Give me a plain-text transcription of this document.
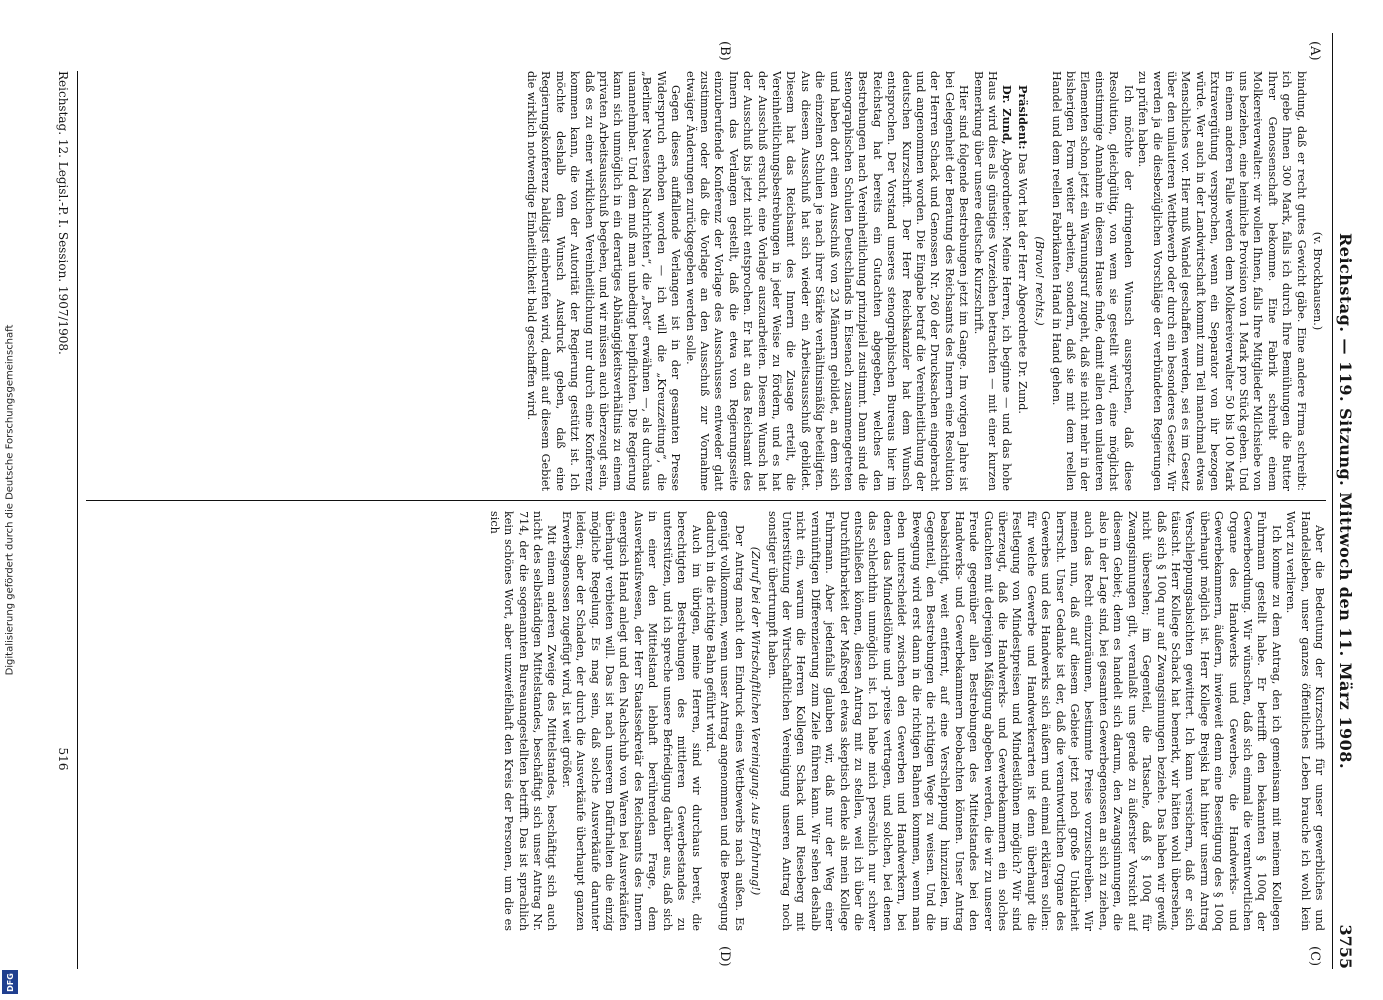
Digitalisierung gefördert durch die Deutsche Forschungsgemeinschaft
DFG
Reichstag. — 119. Sitzung. Mittwoch den 11. März 1908.
3755
(A)
(B)
(C)
(D)

(v. Brockhausen.)

bindung, daß er recht gutes Gewicht gäbe. Eine andere Firma schreibt: ich gebe Ihnen 300 Mark, falls ich durch Ihre Bemühungen die Butter Ihrer Genossenschaft bekomme. Eine Fabrik schreibt einem Molkereiverwalter: wir wollen Ihnen, falls Ihre Mitglieder Milchsiebe von uns beziehen, eine heimliche Provision von 1 Mark pro Stück geben. Und in einem anderen Falle werden dem Molkereiverwalter 50 bis 100 Mark Extravergütung versprochen, wenn ein Separator von ihr bezogen würde. Wer auch in der Landwirtschaft kommt zum Teil manchmal etwas Menschliches vor. Hier muß Wandel geschaffen werden, sei es im Gesetz über den unlauteren Wettbewerb oder durch ein besonderes Gesetz. Wir werden ja die diesbezüglichen Vorschläge der verbündeten Regierungen zu prüfen haben.

Ich möchte der dringenden Wunsch aussprechen, daß diese Resolution, gleichgültig, von wem sie gestellt wird, eine möglichst einstimmige Annahme in diesem Hause finde, damit allen den unlauteren Elementen schon jetzt ein Warnungsruf zugeht, daß sie nicht mehr in der bisherigen Form weiter arbeiten, sondern, daß sie mit dem reellen Handel und dem reellen Fabrikanten Hand in Hand gehen.

(Bravo! rechts.)

Präsident: Das Wort hat der Herr Abgeordnete Dr. Zund.

Dr. Zund, Abgeordneter: Meine Herren, ich beginne — und das hohe Haus wird dies als günstiges Vorzeichen betrachten — mit einer kurzen Bemerkung über unsere deutsche Kurzschrift.

Hier sind folgende Bestrebungen jetzt im Gange. Im vorigen Jahre ist bei Gelegenheit der Beratung des Reichsamts des Innern eine Resolution der Herren Schack und Genossen Nr. 260 der Drucksachen eingebracht und angenommen worden. Die Eingabe betraf die Vereinheitlichung der deutschen Kurzschrift. Der Herr Reichskanzler hat dem Wunsch entsprochen. Der Vorstand unseres stenographischen Bureaus hier im Reichstag hat bereits ein Gutachten abgegeben, welches den Bestrebungen nach Vereinheitlichung prinzipiell zustimmt. Dann sind die stenographischen Schulen Deutschlands in Eisenach zusammengetreten und haben dort einen Ausschuß von 23 Männern gebildet, an dem sich die einzelnen Schulen je nach ihrer Stärke verhältnismäßig beteiligten. Aus diesem Ausschuß hat sich wieder ein Arbeitsausschuß gebildet. Diesem hat das Reichsamt des Innern die Zusage erteilt, die Vereinheitlichungsbestrebungen in jeder Weise zu fördern, und es hat der Ausschuß ersucht, eine Vorlage auszuarbeiten. Diesem Wunsch hat der Ausschuß bis jetzt nicht entsprochen. Er hat an das Reichsamt des Innern das Verlangen gestellt, daß die etwa von Regierungsseite einzuberufende Konferenz der Vorlage des Ausschusses entweder glatt zustimmen oder daß die Vorlage an den Ausschuß zur Vornahme etwaiger Änderungen zurückgegeben werden solle.

Gegen dieses auffallende Verlangen ist in der gesamten Presse Widerspruch erhoben worden — ich will die „Kreuzzeitung“, die „Berliner Neuesten Nachrichten“, die „Post“ erwähnen —, als durchaus unannehmbar. Und dem muß man unbedingt beipflichten. Die Regierung kann sich unmöglich in ein derartiges Abhängigkeitsverhältnis zu einem privaten Arbeitsausschuß begeben, und wir müssen auch überzeugt sein, daß es zu einer wirklichen Vereinheitlichung nur durch eine Konferenz kommen kann, die von der Autorität der Regierung gestützt ist. Ich möchte deshalb dem Wunsch Ausdruck geben, daß eine Regierungskonferenz baldigst einberufen wird, damit auf diesem Gebiet die wirklich notwendige Einheitlichkeit bald geschaffen wird.

Aber die Bedeutung der Kurzschrift für unser gewerbliches und Handelsleben, unser ganzes öffentliches Leben brauche ich wohl kein Wort zu verlieren.

Ich komme zu dem Antrag, den ich gemeinsam mit meinem Kollegen Fuhrmann gestellt habe. Er betrifft den bekannten § 100q der Gewerbeordnung. Wir wünschen, daß sich einmal die verantwortlichen Organe des Handwerks und Gewerbes, die Handwerks- und Gewerbekammern, äußern, inwieweit denn eine Beseitigung des § 100q überhaupt möglich ist. Herr Kollege Brejski hat hinter unserm Antrag Verschleppungsabsichten gewittert. Ich kann versichern, daß er sich täuscht. Herr Kollege Schack hat bemerkt, wir hätten wohl übersehen, daß sich § 100q nur auf Zwangsinnungen beziehe. Das haben wir gewiß nicht übersehen; im Gegenteil, die Tatsache, daß § 100q für Zwangsinnungen gilt, veranlaßt uns gerade zu äußerster Vorsicht auf diesem Gebiet; denn es handelt sich darum, den Zwangsinnungen, die also in der Lage sind, bei gesamten Gewerbegenossen an sich zu ziehen, auch das Recht einzuräumen, bestimmte Preise vorzuschreiben. Wir meinen nun, daß auf diesem Gebiete jetzt noch große Unklarheit herrscht. Unser Gedanke ist der, daß die verantwortlichen Organe des Gewerbes und des Handwerks sich äußern und einmal erklären sollen: für welche Gewerbe und Handwerkerarten ist denn überhaupt die Festlegung von Mindestpreisen und Mindestlöhnen möglich? Wir sind überzeugt, daß die Handwerks- und Gewerbekammern ein solches Gutachten mit derjenigen Mäßigung abgeben werden, die wir zu unserer Freude gegenüber allen Bestrebungen des Mittelstandes bei den Handwerks- und Gewerbekammern beobachten können. Unser Antrag beabsichtigt, weit entfernt, auf eine Verschleppung hinzuzielen, im Gegenteil, den Bestrebungen die richtigen Wege zu weisen. Und die Bewegung wird erst dann in die richtigen Bahnen kommen, wenn man eben unterscheidet zwischen den Gewerben und Handwerkern, bei denen das Mindestlöhne und -preise vertragen, und solchen, bei denen das schlechthin unmöglich ist. Ich habe mich persönlich nur schwer entschließen können, diesen Antrag mit zu stellen, weil ich über die Durchführbarkeit der Maßregel etwas skeptisch denke als mein Kollege Fuhrmann. Aber jedenfalls glauben wir, daß nur der Weg einer vernünftigen Differenzierung zum Ziele führen kann. Wir sehen deshalb nicht ein, warum die Herren Kollegen Schack und Rieseberg mit Unterstützung der Wirtschaftlichen Vereinigung unseren Antrag noch sonstiger übertrumpft haben.

(Zuruf bei der Wirtschaftlichen Vereinigung: Aus Erfahrung!)

Der Antrag macht den Eindruck eines Wettbewerbs nach außen. Es genügt vollkommen, wenn unser Antrag angenommen und die Bewegung dadurch in die richtige Bahn geführt wird.

Auch im übrigen, meine Herren, sind wir durchaus bereit, die berechtigten Bestrebungen des mittleren Gewerbestandes zu unterstützen, und ich spreche unsere Befriedigung darüber aus, daß sich in einer den Mittelstand lebhaft berührenden Frage, dem Ausverkaufswesen, der Herr Staatssekretär des Reichsamts des Innern energisch Hand anlegt und den Nachschub von Waren bei Ausverkäufen überhaupt verbieten will. Das ist nach unserem Dafürhalten die einzig mögliche Regelung. Es mag sein, daß solche Ausverkäufe darunter leiden; aber der Schaden, der durch die Ausverkäufe überhaupt ganzen Erwerbsgenossen zugefügt wird, ist weit größer.

Mit einem anderen Zweige des Mittelstandes, beschäftigt sich auch nicht des selbständigen Mittelstandes, beschäftigt sich unser Antrag Nr. 714, der die sogenannten Bureauangestellten betrifft. Das ist sprachlich kein schönes Wort, aber unzweifelhaft den Kreis der Personen, um die es sich

Reichstag. 12. Legisl.-P. I. Session. 1907/1908.
516
